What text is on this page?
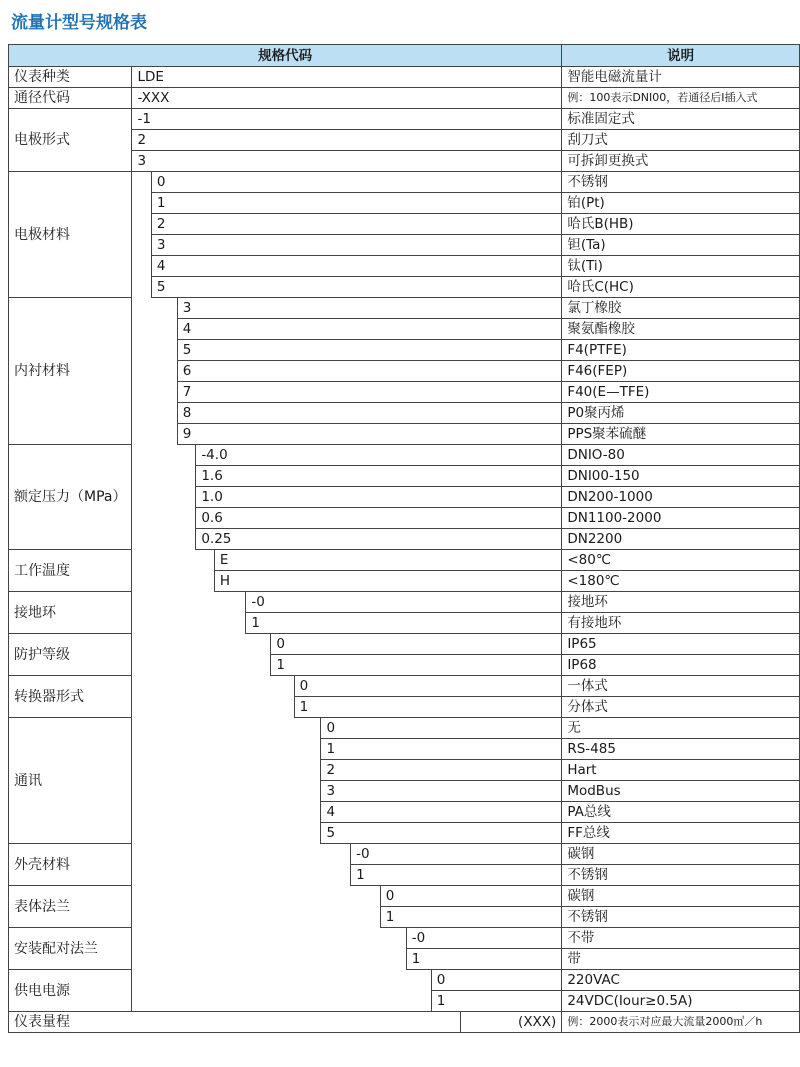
流量计型号规格表
规格代码															说明
仪表种类	LDE														智能电磁流量计
通径代码	-XXX														例：100表示DNI00，若通径后I插入式
电极形式	-1														标准固定式
	2														刮刀式
	3														可拆卸更换式
电极材料		0													不锈钢
		1													铂(Pt)
		2													哈氏B(HB)
		3													钽(Ta)
		4													钛(Ti)
		5													哈氏C(HC)
内衬材料			3												氯丁橡胶
			4												聚氨酯橡胶
			5												F4(PTFE)
			6												F46(FEP)
			7												F40(E—TFE)
			8												P0聚丙烯
			9												PPS聚苯硫醚
额定压力（MPa）				-4.0											DNIO-80
				1.6											DNI00-150
				1.0											DN200-1000
				0.6											DN1100-2000
				0.25											DN2200
工作温度					E										<80℃
					H										<180℃
接地环						-0									接地环
						1									有接地环
防护等级							0								IP65
							1								IP68
转换器形式								0							一体式
								1							分体式
通讯									0						无
									1						RS-485
									2						Hart
									3						ModBus
									4						PA总线
									5						FF总线
外壳材料										-0					碳钢
										1					不锈钢
表体法兰											0				碳钢
											1				不锈钢
安装配对法兰												-0			不带
												1			带
供电电源													0		220VAC
													1		24VDC(Iour≥0.5A)
仪表量程														(XXX)	例：2000表示对应最大流量2000㎥／h
